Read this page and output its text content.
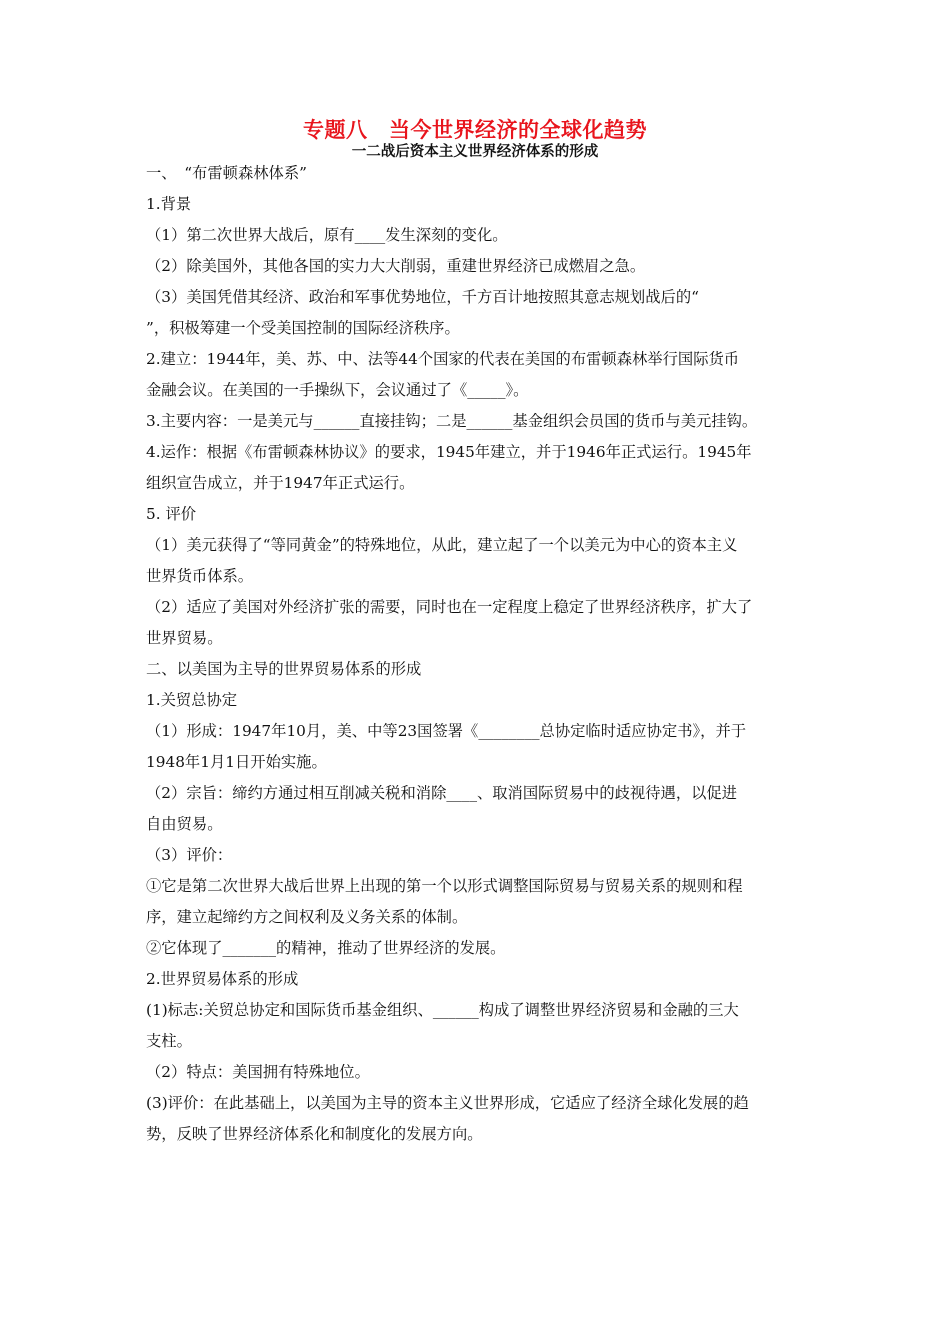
专题八　当今世界经济的全球化趋势
一二战后资本主义世界经济体系的形成
一、　“布雷顿森林体系”
1.背景
（1）第二次世界大战后，原有____发生深刻的变化。
（2）除美国外，其他各国的实力大大削弱，重建世界经济已成燃眉之急。
（3）美国凭借其经济、政治和军事优势地位，千方百计地按照其意志规划战后的“
”，积极筹建一个受美国控制的国际经济秩序。
2.建立：1944年，美、苏、中、法等44个国家的代表在美国的布雷顿森林举行国际货币
金融会议。在美国的一手操纵下，会议通过了《_____》。
3.主要内容：一是美元与______直接挂钩；二是______基金组织会员国的货币与美元挂钩。
4.运作：根据《布雷顿森林协议》的要求，1945年建立，并于1946年正式运行。1945年
组织宣告成立，并于1947年正式运行。
5. 评价
（1）美元获得了“等同黄金”的特殊地位，从此，建立起了一个以美元为中心的资本主义
世界货币体系。
（2）适应了美国对外经济扩张的需要，同时也在一定程度上稳定了世界经济秩序，扩大了
世界贸易。
二、以美国为主导的世界贸易体系的形成
1.关贸总协定
（1）形成：1947年10月，美、中等23国签署《________总协定临时适应协定书》，并于
1948年1月1日开始实施。
（2）宗旨：缔约方通过相互削减关税和消除____、取消国际贸易中的歧视待遇，以促进
自由贸易。
（3）评价：
①它是第二次世界大战后世界上出现的第一个以形式调整国际贸易与贸易关系的规则和程
序，建立起缔约方之间权利及义务关系的体制。
②它体现了_______的精神，推动了世界经济的发展。
2.世界贸易体系的形成
(1)标志:关贸总协定和国际货币基金组织、______构成了调整世界经济贸易和金融的三大
支柱。
（2）特点：美国拥有特殊地位。
(3)评价：在此基础上，以美国为主导的资本主义世界形成，它适应了经济全球化发展的趋
势，反映了世界经济体系化和制度化的发展方向。
